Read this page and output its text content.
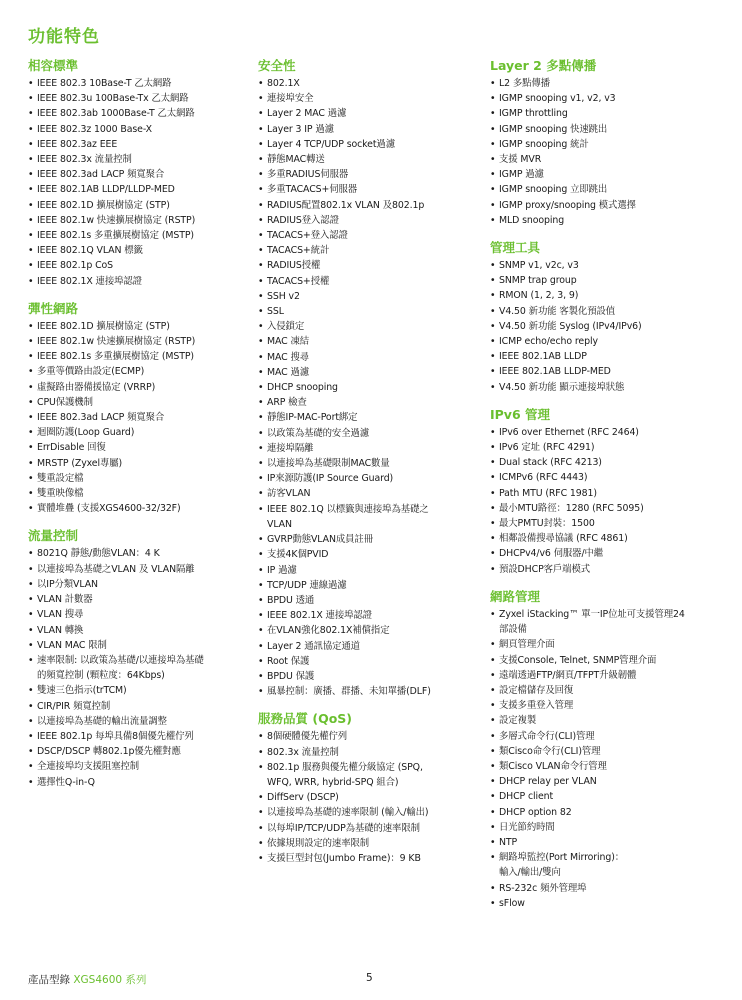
功能特色
相容標準
• IEEE 802.3 10Base-T 乙太網路
• IEEE 802.3u 100Base-Tx 乙太網路
• IEEE 802.3ab 1000Base-T 乙太網路
• IEEE 802.3z 1000 Base-X
• IEEE 802.3az EEE
• IEEE 802.3x 流量控制
• IEEE 802.3ad LACP 頻寬聚合
• IEEE 802.1AB LLDP/LLDP-MED
• IEEE 802.1D 擴展樹協定 (STP)
• IEEE 802.1w 快速擴展樹協定 (RSTP)
• IEEE 802.1s 多重擴展樹協定 (MSTP)
• IEEE 802.1Q VLAN 標籤
• IEEE 802.1p CoS
• IEEE 802.1X 連接埠認證
彈性網路
• IEEE 802.1D 擴展樹協定 (STP)
• IEEE 802.1w 快速擴展樹協定 (RSTP)
• IEEE 802.1s 多重擴展樹協定 (MSTP)
• 多重等價路由設定(ECMP)
• 虛擬路由器備援協定 (VRRP)
• CPU保護機制
• IEEE 802.3ad LACP 頻寬聚合
• 迴圈防護(Loop Guard)
• ErrDisable 回復
• MRSTP (Zyxel專屬)
• 雙重設定檔
• 雙重映像檔
• 實體堆疊 (支援XGS4600-32/32F)
流量控制
• 8021Q 靜態/動態VLAN：4 K
• 以連接埠為基礎之VLAN 及 VLAN隔離
• 以IP分類VLAN
• VLAN 計數器
• VLAN 搜尋
• VLAN 轉換
• VLAN MAC 限制
• 速率限制: 以政策為基礎/以連接埠為基礎
的頻寬控制 (顆粒度：64Kbps)
• 雙速三色指示(trTCM)
• CIR/PIR 頻寬控制
• 以連接埠為基礎的輸出流量調整
• IEEE 802.1p 每埠具備8個優先權佇列
• DSCP/DSCP 轉802.1p優先權對應
• 全連接埠均支援阻塞控制
• 選擇性Q-in-Q
安全性
• 802.1X
• 連接埠安全
• Layer 2 MAC 過濾
• Layer 3 IP 過濾
• Layer 4 TCP/UDP socket過濾
• 靜態MAC轉送
• 多重RADIUS伺服器
• 多重TACACS+伺服器
• RADIUS配置802.1x VLAN 及802.1p
• RADIUS登入認證
• TACACS+登入認證
• TACACS+統計
• RADIUS授權
• TACACS+授權
• SSH v2
• SSL
• 入侵鎖定
• MAC 凍結
• MAC 搜尋
• MAC 過濾
• DHCP snooping
• ARP 檢查
• 靜態IP-MAC-Port綁定
• 以政策為基礎的安全過濾
• 連接埠隔離
• 以連接埠為基礎限制MAC數量
• IP來源防護(IP Source Guard)
• 訪客VLAN
• IEEE 802.1Q 以標籤與連接埠為基礎之
VLAN
• GVRP動態VLAN成員註冊
• 支援4K個PVID
• IP 過濾
• TCP/UDP 連線過濾
• BPDU 透通
• IEEE 802.1X 連接埠認證
• 在VLAN強化802.1X補償指定
• Layer 2 通訊協定通道
• Root 保護
• BPDU 保護
• 風暴控制：廣播、群播、未知單播(DLF)
服務品質 (QoS)
• 8個硬體優先權佇列
• 802.3x 流量控制
• 802.1p 服務與優先權分級協定 (SPQ,
WFQ, WRR, hybrid-SPQ 組合)
• DiffServ (DSCP)
• 以連接埠為基礎的速率限制 (輸入/輸出)
• 以每埠IP/TCP/UDP為基礎的速率限制
• 依據規則設定的速率限制
• 支援巨型封包(Jumbo Frame)：9 KB
Layer 2 多點傳播
• L2 多點傳播
• IGMP snooping v1, v2, v3
• IGMP throttling
• IGMP snooping 快速跳出
• IGMP snooping 統計
• 支援 MVR
• IGMP 過濾
• IGMP snooping 立即跳出
• IGMP proxy/snooping 模式選擇
• MLD snooping
管理工具
• SNMP v1, v2c, v3
• SNMP trap group
• RMON (1, 2, 3, 9)
• V4.50 新功能 客製化預設值
• V4.50 新功能 Syslog (IPv4/IPv6)
• ICMP echo/echo reply
• IEEE 802.1AB LLDP
• IEEE 802.1AB LLDP-MED
• V4.50 新功能 顯示連接埠狀態
IPv6 管理
• IPv6 over Ethernet (RFC 2464)
• IPv6 定址 (RFC 4291)
• Dual stack (RFC 4213)
• ICMPv6 (RFC 4443)
• Path MTU (RFC 1981)
• 最小MTU路徑：1280 (RFC 5095)
• 最大PMTU封裝：1500
• 相鄰設備搜尋協議 (RFC 4861)
• DHCPv4/v6 伺服器/中繼
• 預設DHCP客戶端模式
網路管理
• Zyxel iStacking™ 單一IP位址可支援管理24
部設備
• 網頁管理介面
• 支援Console, Telnet, SNMP管理介面
• 遠端透過FTP/網頁/TFPT升級韌體
• 設定檔儲存及回復
• 支援多重登入管理
• 設定複製
• 多層式命令行(CLI)管理
• 類Cisco命令行(CLI)管理
• 類Cisco VLAN命令行管理
• DHCP relay per VLAN
• DHCP client
• DHCP option 82
• 日光節約時間
• NTP
• 網路埠監控(Port Mirroring)：
輸入/輸出/雙向
• RS-232c 頻外管理埠
• sFlow
產品型錄 XGS4600 系列	5
